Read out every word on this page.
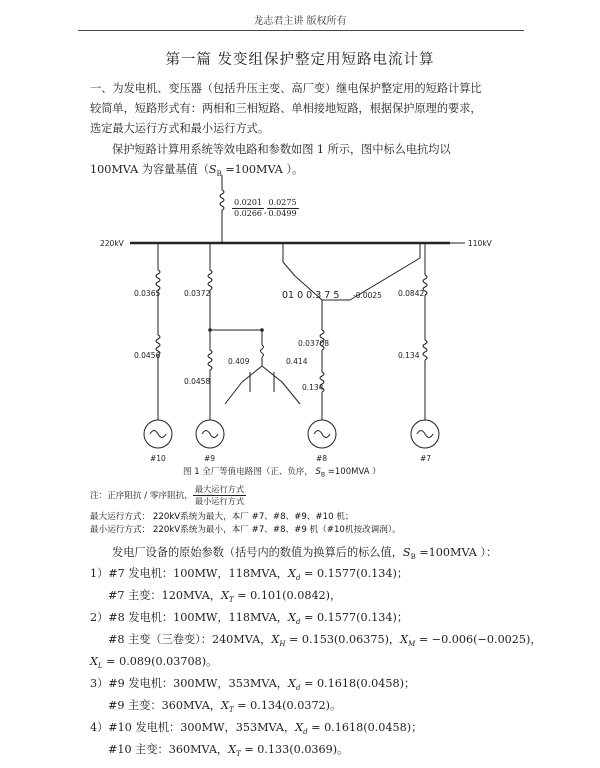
龙志君主讲 版权所有
第一篇 发变组保护整定用短路电流计算
一、为发电机、变压器（包括升压主变、高厂变）继电保护整定用的短路计算比
较简单，短路形式有：两相和三相短路、单相接地短路，根据保护原理的要求，
选定最大运行方式和最小运行方式。
保护短路计算用系统等效电路和参数如图 1 所示，图中标么电抗均以
100MVA 为容量基值（$S_B =100MVA$ ）。
220kV	110kV
0.0365
0.0456
0.0372
0.0458
01 0 0.3 7 5 -0.0025 0.0842
0.134
0.03708
0.134
0.409	0.414
#10	#9	#8	#7
$\frac{0.0201}{0.0266}$ , $\frac{0.0275}{0.0499}$
图 1 全厂等值电路图（正、负序， $S_B =100MVA$ ）
注：正序阻抗 / 零序阻抗， $\frac{\text{最大运行方式}}{\text{最小运行方式}}$
最大运行方式： 220kV系统为最大，本厂 #7、#8、#9、#10 机；
最小运行方式： 220kV系统为最小，本厂 #7、#8、#9 机（#10机按改调润）。
发电厂设备的原始参数（括号内的数值为换算后的标么值，$S_B =100MVA$ ）：
1）#7 发电机：100MW，118MVA，$X_d = 0.1577(0.134)$；
#7 主变：120MVA，$X_T = 0.101(0.0842)$，
2）#8 发电机：100MW，118MVA，$X_d = 0.1577(0.134)$；
#8 主变（三卷变）：240MVA，$X_H = 0.153(0.06375)$，$X_M = -0.006(-0.0025)$，
$X_L = 0.089(0.03708)$。
3）#9 发电机：300MW，353MVA，$X_d = 0.1618(0.0458)$；
#9 主变：360MVA，$X_T = 0.134(0.0372)$。
4）#10 发电机：300MW，353MVA，$X_d = 0.1618(0.0458)$；
#10 主变：360MVA，$X_T = 0.133(0.0369)$。
